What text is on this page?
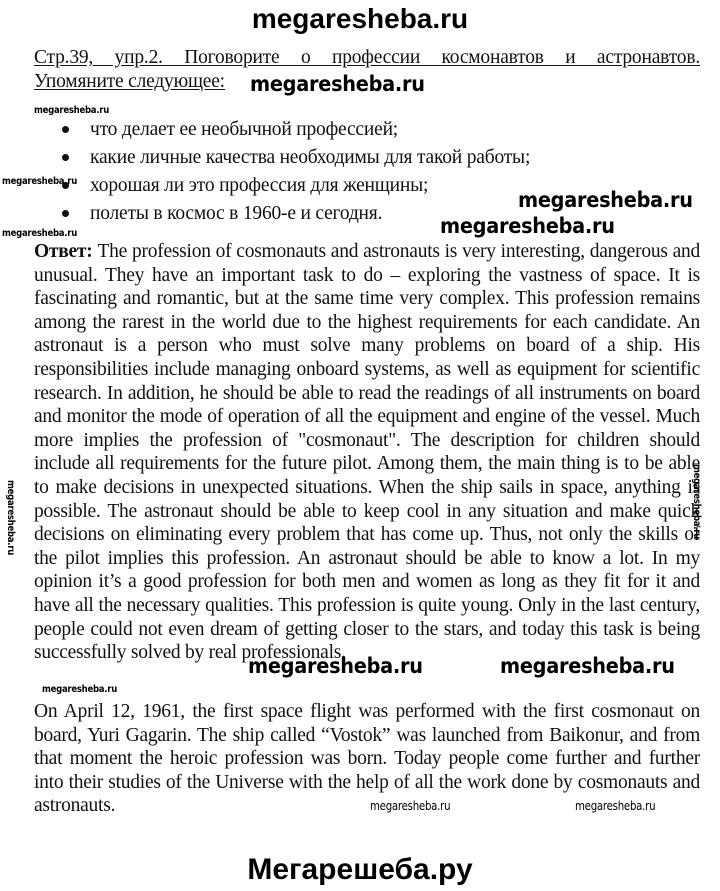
megaresheba.ru
Стр.39, упр.2. Поговорите о профессии космонавтов и астронавтов.
Упомяните следующее:
что делает ее необычной профессией;
какие личные качества необходимы для такой работы;
хорошая ли это профессия для женщины;
полеты в космос в 1960-е и сегодня.
Ответ: The profession of cosmonauts and astronauts is very interesting, dangerous and unusual. They have an important task to do – exploring the vastness of space. It is fascinating and romantic, but at the same time very complex. This profession remains among the rarest in the world due to the highest requirements for each candidate. An astronaut is a person who must solve many problems on board of a ship. His responsibilities include managing onboard systems, as well as equipment for scientific research. In addition, he should be able to read the readings of all instruments on board and monitor the mode of operation of all the equipment and engine of the vessel. Much more implies the profession of "cosmonaut". The description for children should include all requirements for the future pilot. Among them, the main thing is to be able to make decisions in unexpected situations. When the ship sails in space, anything is possible. The astronaut should be able to keep cool in any situation and make quick decisions on eliminating every problem that has come up. Thus, not only the skills of the pilot implies this profession. An astronaut should be able to know a lot. In my opinion it’s a good profession for both men and women as long as they fit for it and have all the necessary qualities. This profession is quite young. Only in the last century, people could not even dream of getting closer to the stars, and today this task is being successfully solved by real professionals.
On April 12, 1961, the first space flight was performed with the first cosmonaut on board, Yuri Gagarin. The ship called “Vostok” was launched from Baikonur, and from that moment the heroic profession was born. Today people come further and further into their studies of the Universe with the help of all the work done by cosmonauts and astronauts.
megaresheba.ru
megaresheba.ru
megaresheba.ru
megaresheba.ru
megaresheba.ru	megaresheba.ru
megaresheba.ru
megaresheba.ru
megaresheba.ru	megaresheba.ru
megaresheba.ru
megaresheba.ru	megaresheba.ru
Мегарешеба.ру
